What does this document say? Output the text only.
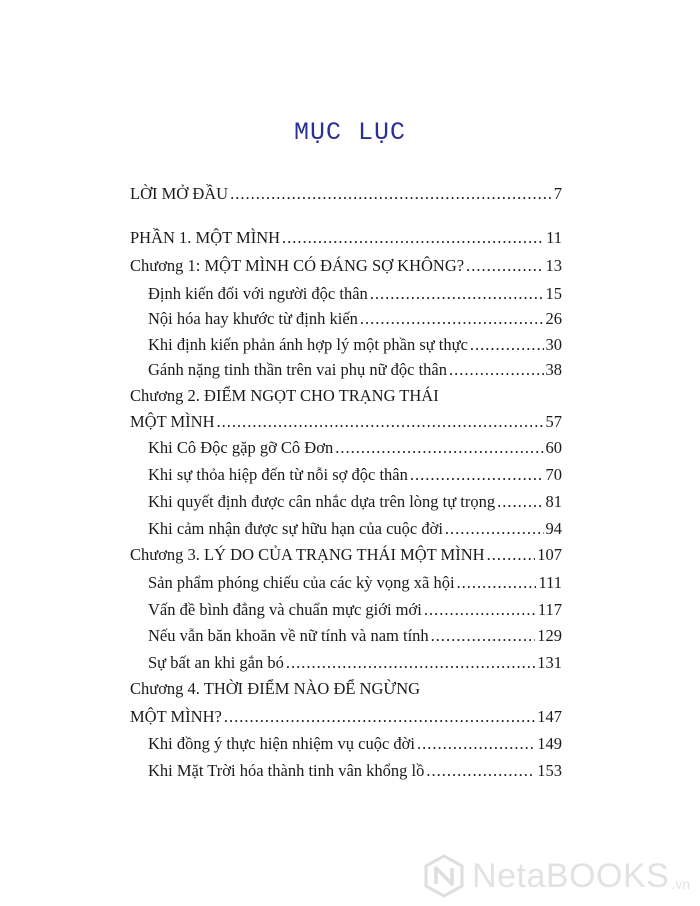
MỤC LỤC
LỜI MỞ ĐẦU .....	7
PHẦN 1. MỘT MÌNH .....	11
Chương 1: MỘT MÌNH CÓ ĐÁNG SỢ KHÔNG? .....	13
Định kiến đối với người độc thân .....	15
Nội hóa hay khước từ định kiến .....	26
Khi định kiến phản ánh hợp lý một phần sự thực .....	30
Gánh nặng tinh thần trên vai phụ nữ độc thân .....	38
Chương 2. ĐIỂM NGỌT CHO TRẠNG THÁI
MỘT MÌNH .....	57
Khi Cô Độc gặp gỡ Cô Đơn .....	60
Khi sự thỏa hiệp đến từ nỗi sợ độc thân .....	70
Khi quyết định được cân nhắc dựa trên lòng tự trọng .....	81
Khi cảm nhận được sự hữu hạn của cuộc đời .....	94
Chương 3. LÝ DO CỦA TRẠNG THÁI MỘT MÌNH .....	107
Sản phẩm phóng chiếu của các kỳ vọng xã hội .....	111
Vấn đề bình đẳng và chuẩn mực giới mới .....	117
Nếu vẫn băn khoăn về nữ tính và nam tính .....	129
Sự bất an khi gắn bó .....	131
Chương 4. THỜI ĐIỂM NÀO ĐỂ NGỪNG
MỘT MÌNH? .....	147
Khi đồng ý thực hiện nhiệm vụ cuộc đời .....	149
Khi Mặt Trời hóa thành tinh vân khổng lồ .....	153
NetaBOOKS .vn
